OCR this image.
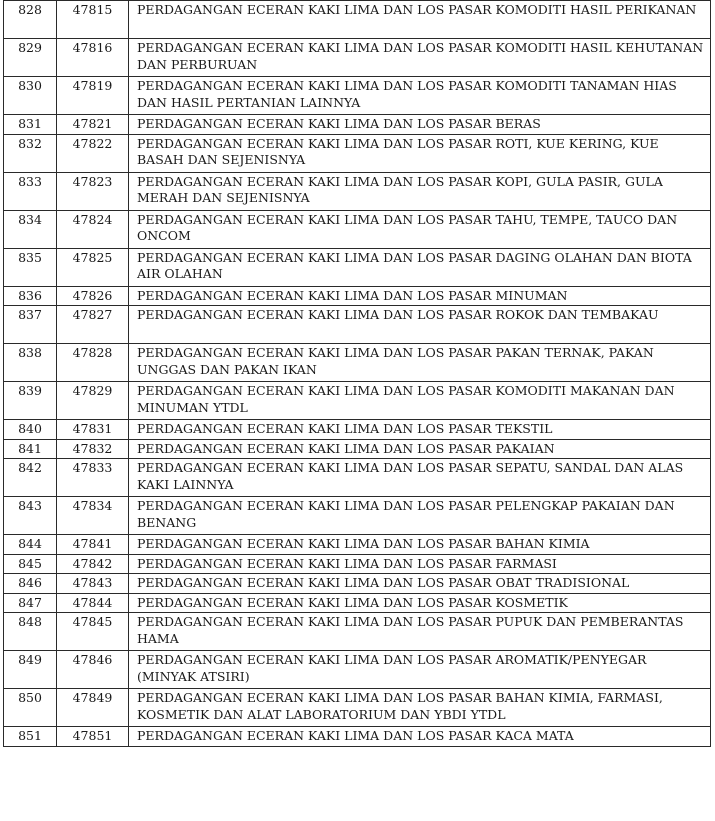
828	47815	PERDAGANGAN ECERAN KAKI LIMA DAN LOS PASAR KOMODITI HASIL PERIKANAN
829	47816	PERDAGANGAN ECERAN KAKI LIMA DAN LOS PASAR KOMODITI HASIL KEHUTANAN DAN PERBURUAN
830	47819	PERDAGANGAN ECERAN KAKI LIMA DAN LOS PASAR KOMODITI TANAMAN HIAS DAN HASIL PERTANIAN LAINNYA
831	47821	PERDAGANGAN ECERAN KAKI LIMA DAN LOS PASAR BERAS
832	47822	PERDAGANGAN ECERAN KAKI LIMA DAN LOS PASAR ROTI, KUE KERING, KUE BASAH DAN SEJENISNYA
833	47823	PERDAGANGAN ECERAN KAKI LIMA DAN LOS PASAR KOPI, GULA PASIR, GULA MERAH DAN SEJENISNYA
834	47824	PERDAGANGAN ECERAN KAKI LIMA DAN LOS PASAR TAHU, TEMPE, TAUCO DAN ONCOM
835	47825	PERDAGANGAN ECERAN KAKI LIMA DAN LOS PASAR DAGING OLAHAN DAN BIOTA AIR OLAHAN
836	47826	PERDAGANGAN ECERAN KAKI LIMA DAN LOS PASAR MINUMAN
837	47827	PERDAGANGAN ECERAN KAKI LIMA DAN LOS PASAR ROKOK DAN TEMBAKAU
838	47828	PERDAGANGAN ECERAN KAKI LIMA DAN LOS PASAR PAKAN TERNAK, PAKAN UNGGAS DAN PAKAN IKAN
839	47829	PERDAGANGAN ECERAN KAKI LIMA DAN LOS PASAR KOMODITI MAKANAN DAN MINUMAN YTDL
840	47831	PERDAGANGAN ECERAN KAKI LIMA DAN LOS PASAR TEKSTIL
841	47832	PERDAGANGAN ECERAN KAKI LIMA DAN LOS PASAR PAKAIAN
842	47833	PERDAGANGAN ECERAN KAKI LIMA DAN LOS PASAR SEPATU, SANDAL DAN ALAS KAKI LAINNYA
843	47834	PERDAGANGAN ECERAN KAKI LIMA DAN LOS PASAR PELENGKAP PAKAIAN DAN BENANG
844	47841	PERDAGANGAN ECERAN KAKI LIMA DAN LOS PASAR BAHAN KIMIA
845	47842	PERDAGANGAN ECERAN KAKI LIMA DAN LOS PASAR FARMASI
846	47843	PERDAGANGAN ECERAN KAKI LIMA DAN LOS PASAR OBAT TRADISIONAL
847	47844	PERDAGANGAN ECERAN KAKI LIMA DAN LOS PASAR KOSMETIK
848	47845	PERDAGANGAN ECERAN KAKI LIMA DAN LOS PASAR PUPUK DAN PEMBERANTAS HAMA
849	47846	PERDAGANGAN ECERAN KAKI LIMA DAN LOS PASAR AROMATIK/PENYEGAR (MINYAK ATSIRI)
850	47849	PERDAGANGAN ECERAN KAKI LIMA DAN LOS PASAR BAHAN KIMIA, FARMASI, KOSMETIK DAN ALAT LABORATORIUM DAN YBDI YTDL
851	47851	PERDAGANGAN ECERAN KAKI LIMA DAN LOS PASAR KACA MATA
